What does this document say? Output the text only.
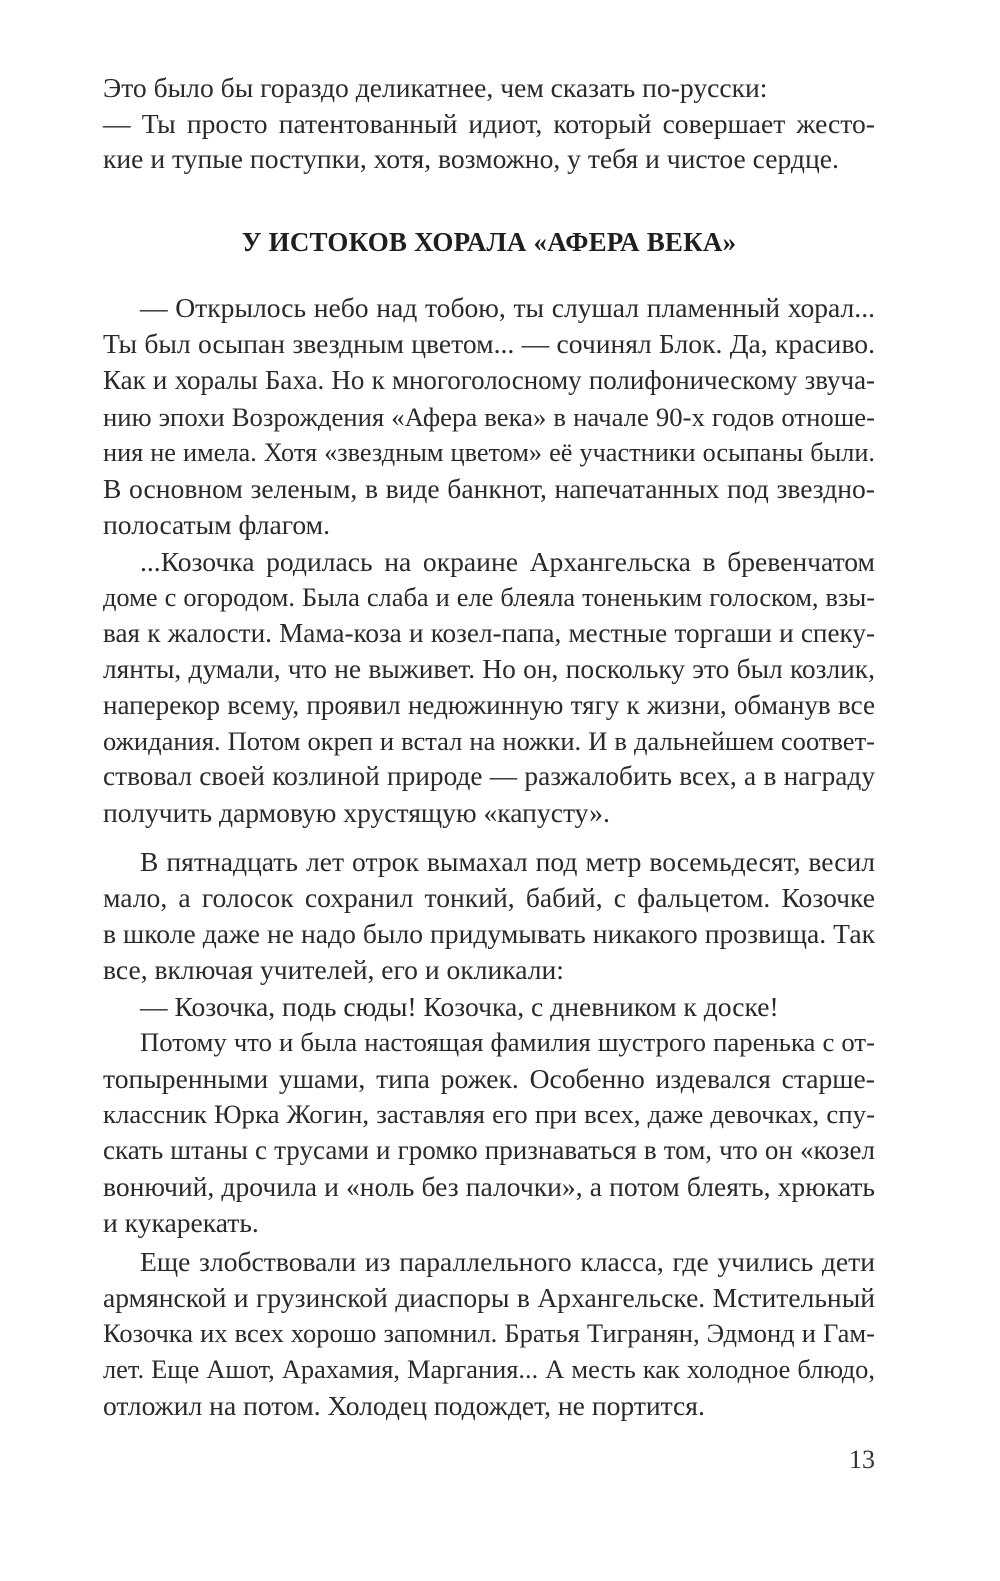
Это было бы гораздо деликатнее, чем сказать по-русски:
— Ты просто патентованный идиот, который совершает жесто-
кие и тупые поступки, хотя, возможно, у тебя и чистое сердце.
У ИСТОКОВ ХОРАЛА «АФЕРА ВЕКА»
— Открылось небо над тобою, ты слушал пламенный хорал...
Ты был осыпан звездным цветом... — сочинял Блок. Да, красиво.
Как и хоралы Баха. Но к многоголосному полифоническому звуча-
нию эпохи Возрождения «Афера века» в начале 90-х годов отноше-
ния не имела. Хотя «звездным цветом» её участники осыпаны были.
В основном зеленым, в виде банкнот, напечатанных под звездно-
полосатым флагом.
...Козочка родилась на окраине Архангельска в бревенчатом
доме с огородом. Была слаба и еле блеяла тоненьким голоском, взы-
вая к жалости. Мама-коза и козел-папа, местные торгаши и спеку-
лянты, думали, что не выживет. Но он, поскольку это был козлик,
наперекор всему, проявил недюжинную тягу к жизни, обманув все
ожидания. Потом окреп и встал на ножки. И в дальнейшем соответ-
ствовал своей козлиной природе — разжалобить всех, а в награду
получить дармовую хрустящую «капусту».
В пятнадцать лет отрок вымахал под метр восемьдесят, весил
мало, а голосок сохранил тонкий, бабий, с фальцетом. Козочке
в школе даже не надо было придумывать никакого прозвища. Так
все, включая учителей, его и окликали:
— Козочка, подь сюды! Козочка, с дневником к доске!
Потому что и была настоящая фамилия шустрого паренька с от-
топыренными ушами, типа рожек. Особенно издевался старше-
классник Юрка Жогин, заставляя его при всех, даже девочках, спу-
скать штаны с трусами и громко признаваться в том, что он «козел
вонючий, дрочила и «ноль без палочки», а потом блеять, хрюкать
и кукарекать.
Еще злобствовали из параллельного класса, где учились дети
армянской и грузинской диаспоры в Архангельске. Мстительный
Козочка их всех хорошо запомнил. Братья Тигранян, Эдмонд и Гам-
лет. Еще Ашот, Арахамия, Маргания... А месть как холодное блюдо,
отложил на потом. Холодец подождет, не портится.
13
